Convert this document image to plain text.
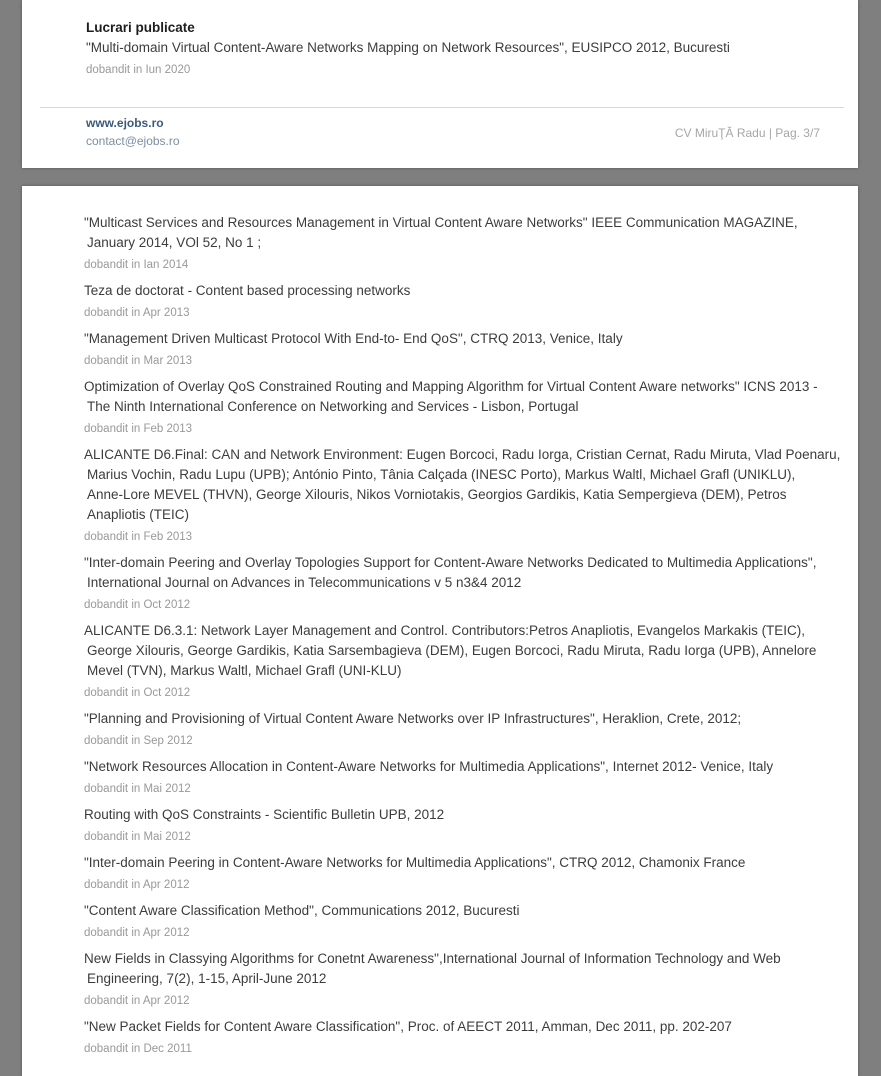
Lucrari publicate
"Multi-domain Virtual Content-Aware Networks Mapping on Network Resources", EUSIPCO 2012, Bucuresti
dobandit in Iun 2020
www.ejobs.ro
contact@ejobs.ro
CV MiruŢĂ Radu | Pag. 3/7
"Multicast Services and Resources Management in Virtual Content Aware Networks" IEEE Communication MAGAZINE,
January 2014, VOl 52, No 1 ;
dobandit in Ian 2014
Teza de doctorat - Content based processing networks
dobandit in Apr 2013
"Management Driven Multicast Protocol With End-to- End QoS", CTRQ 2013, Venice, Italy
dobandit in Mar 2013
Optimization of Overlay QoS Constrained Routing and Mapping Algorithm for Virtual Content Aware networks" ICNS 2013 -
The Ninth International Conference on Networking and Services - Lisbon, Portugal
dobandit in Feb 2013
ALICANTE D6.Final: CAN and Network Environment: Eugen Borcoci, Radu Iorga, Cristian Cernat, Radu Miruta, Vlad Poenaru,
Marius Vochin, Radu Lupu (UPB); António Pinto, Tânia Calçada (INESC Porto), Markus Waltl, Michael Grafl (UNIKLU),
Anne-Lore MEVEL (THVN), George Xilouris, Nikos Vorniotakis, Georgios Gardikis, Katia Sempergieva (DEM), Petros
Anapliotis (TEIC)
dobandit in Feb 2013
"Inter-domain Peering and Overlay Topologies Support for Content-Aware Networks Dedicated to Multimedia Applications",
International Journal on Advances in Telecommunications v 5 n3&4 2012
dobandit in Oct 2012
ALICANTE D6.3.1: Network Layer Management and Control. Contributors:Petros Anapliotis, Evangelos Markakis (TEIC),
George Xilouris, George Gardikis, Katia Sarsembagieva (DEM), Eugen Borcoci, Radu Miruta, Radu Iorga (UPB), Annelore
Mevel (TVN), Markus Waltl, Michael Grafl (UNI-KLU)
dobandit in Oct 2012
"Planning and Provisioning of Virtual Content Aware Networks over IP Infrastructures", Heraklion, Crete, 2012;
dobandit in Sep 2012
"Network Resources Allocation in Content-Aware Networks for Multimedia Applications", Internet 2012- Venice, Italy
dobandit in Mai 2012
Routing with QoS Constraints - Scientific Bulletin UPB, 2012
dobandit in Mai 2012
"Inter-domain Peering in Content-Aware Networks for Multimedia Applications", CTRQ 2012, Chamonix France
dobandit in Apr 2012
"Content Aware Classification Method", Communications 2012, Bucuresti
dobandit in Apr 2012
New Fields in Classying Algorithms for Conetnt Awareness",International Journal of Information Technology and Web
Engineering, 7(2), 1-15, April-June 2012
dobandit in Apr 2012
"New Packet Fields for Content Aware Classification", Proc. of AEECT 2011, Amman, Dec 2011, pp. 202-207
dobandit in Dec 2011
